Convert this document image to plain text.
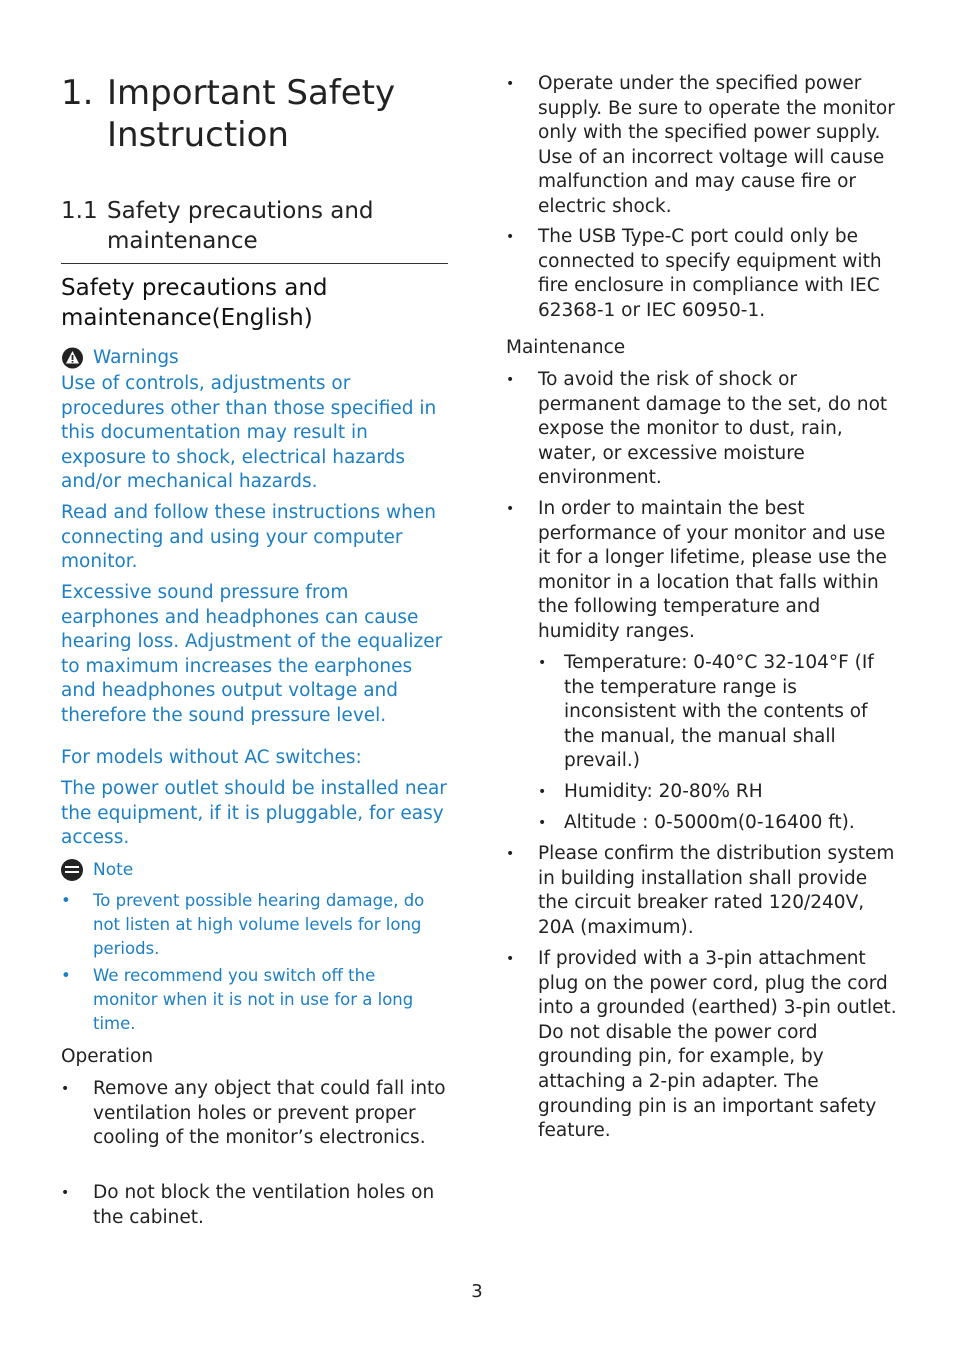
1. Important Safety Instruction
1.1 Safety precautions and maintenance
Safety precautions and maintenance(English)
Warnings
Use of controls, adjustments or procedures other than those specified in this documentation may result in exposure to shock, electrical hazards and/or mechanical hazards.
Read and follow these instructions when connecting and using your computer monitor.
Excessive sound pressure from earphones and headphones can cause hearing loss. Adjustment of the equalizer to maximum increases the earphones and headphones output voltage and therefore the sound pressure level.
For models without AC switches:
The power outlet should be installed near the equipment, if it is pluggable, for easy access.
Note
• To prevent possible hearing damage, do not listen at high volume levels for long periods.
• We recommend you switch off the monitor when it is not in use for a long time.
Operation
• Remove any object that could fall into ventilation holes or prevent proper cooling of the monitor’s electronics.
• Do not block the ventilation holes on the cabinet.
• Operate under the specified power supply. Be sure to operate the monitor only with the specified power supply. Use of an incorrect voltage will cause malfunction and may cause fire or electric shock.
• The USB Type-C port could only be connected to specify equipment with fire enclosure in compliance with IEC 62368-1 or IEC 60950-1.
Maintenance
• To avoid the risk of shock or permanent damage to the set, do not expose the monitor to dust, rain, water, or excessive moisture environment.
• In order to maintain the best performance of your monitor and use it for a longer lifetime, please use the monitor in a location that falls within the following temperature and humidity ranges.
• Temperature: 0-40°C 32-104°F (If the temperature range is inconsistent with the contents of the manual, the manual shall prevail.)
• Humidity: 20-80% RH
• Altitude : 0-5000m(0-16400 ft).
• Please confirm the distribution system in building installation shall provide the circuit breaker rated 120/240V, 20A (maximum).
• If provided with a 3-pin attachment plug on the power cord, plug the cord into a grounded (earthed) 3-pin outlet. Do not disable the power cord grounding pin, for example, by attaching a 2-pin adapter. The grounding pin is an important safety feature.
3
